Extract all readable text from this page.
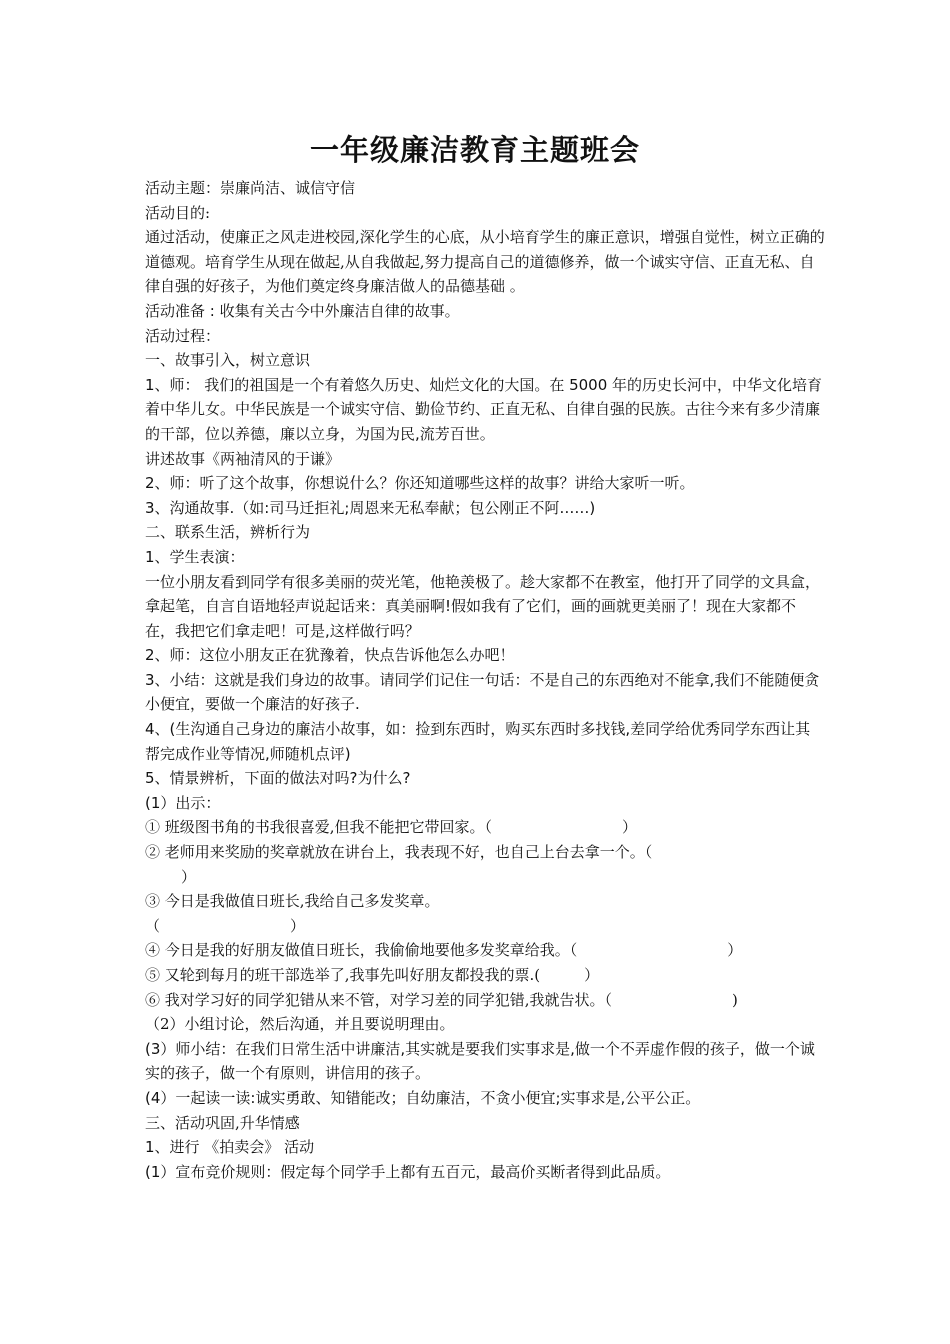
一年级廉洁教育主题班会

活动主题：崇廉尚洁、诚信守信

活动目的:

通过活动，使廉正之风走进校园,深化学生的心底，从小培育学生的廉正意识，增强自觉性，树立正确的道德观。培育学生从现在做起,从自我做起,努力提高自己的道德修养，做一个诚实守信、正直无私、自律自强的好孩子，为他们奠定终身廉洁做人的品德基础 。

活动准备 : 收集有关古今中外廉洁自律的故事。

活动过程：

一、故事引入，树立意识

1、师： 我们的祖国是一个有着悠久历史、灿烂文化的大国。在 5000 年的历史长河中，中华文化培育着中华儿女。中华民族是一个诚实守信、勤俭节约、正直无私、自律自强的民族。古往今来有多少清廉的干部，位以养德，廉以立身，为国为民,流芳百世。

讲述故事《两袖清风的于谦》

2、师：听了这个故事，你想说什么？你还知道哪些这样的故事？讲给大家听一听。

3、沟通故事.（如:司马迁拒礼;周恩来无私奉献；包公刚正不阿……)

二、联系生活，辨析行为

1、学生表演：

一位小朋友看到同学有很多美丽的荧光笔，他艳羡极了。趁大家都不在教室，他打开了同学的文具盒，拿起笔，自言自语地轻声说起话来：真美丽啊!假如我有了它们，画的画就更美丽了！现在大家都不在，我把它们拿走吧！可是,这样做行吗？

2、师：这位小朋友正在犹豫着，快点告诉他怎么办吧！

3、小结：这就是我们身边的故事。请同学们记住一句话：不是自己的东西绝对不能拿,我们不能随便贪小便宜，要做一个廉洁的好孩子.

4、(生沟通自己身边的廉洁小故事，如：捡到东西时，购买东西时多找钱,差同学给优秀同学东西让其帮完成作业等情况,师随机点评)

5、情景辨析，下面的做法对吗?为什么?

(1）出示：

① 班级图书角的书我很喜爱,但我不能把它带回家。（	）

② 老师用来奖励的奖章就放在讲台上，我表现不好，也自己上台去拿一个。（

）

③ 今日是我做值日班长,我给自己多发奖章。

（	）

④ 今日是我的好朋友做值日班长，我偷偷地要他多发奖章给我。（	）

⑤ 又轮到每月的班干部选举了,我事先叫好朋友都投我的票.(	）

⑥ 我对学习好的同学犯错从来不管，对学习差的同学犯错,我就告状。（	)

（2）小组讨论，然后沟通，并且要说明理由。

(3）师小结：在我们日常生活中讲廉洁,其实就是要我们实事求是,做一个不弄虚作假的孩子，做一个诚实的孩子，做一个有原则，讲信用的孩子。

(4）一起读一读:诚实勇敢、知错能改；自幼廉洁，不贪小便宜;实事求是,公平公正。

三、活动巩固,升华情感

1、进行 《拍卖会》 活动

(1）宣布竞价规则：假定每个同学手上都有五百元，最高价买断者得到此品质。
